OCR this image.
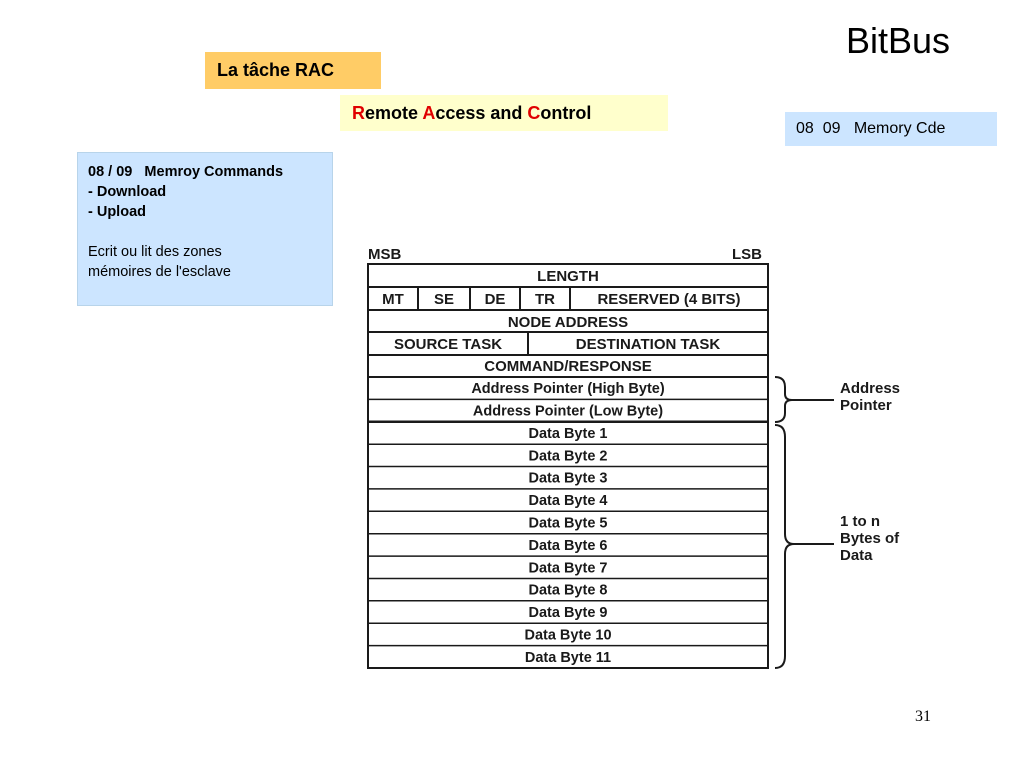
BitBus
La tâche RAC
Remote Access and Control
08  09   Memory Cde
08 / 09   Memroy Commands
- Download
- Upload
Ecrit ou lit des zones
mémoires de l'esclave
MSB	LSB
LENGTH
MT SE DE TR	RESERVED (4 BITS)
NODE ADDRESS
SOURCE TASK	DESTINATION TASK
COMMAND/RESPONSE
Address Pointer (High Byte)
Address Pointer (Low Byte)
Data Byte 1
Data Byte 2
Data Byte 3
Data Byte 4
Data Byte 5
Data Byte 6
Data Byte 7
Data Byte 8
Data Byte 9
Data Byte 10
Data Byte 11
Address
Pointer
1 to n
Bytes of
Data
31
